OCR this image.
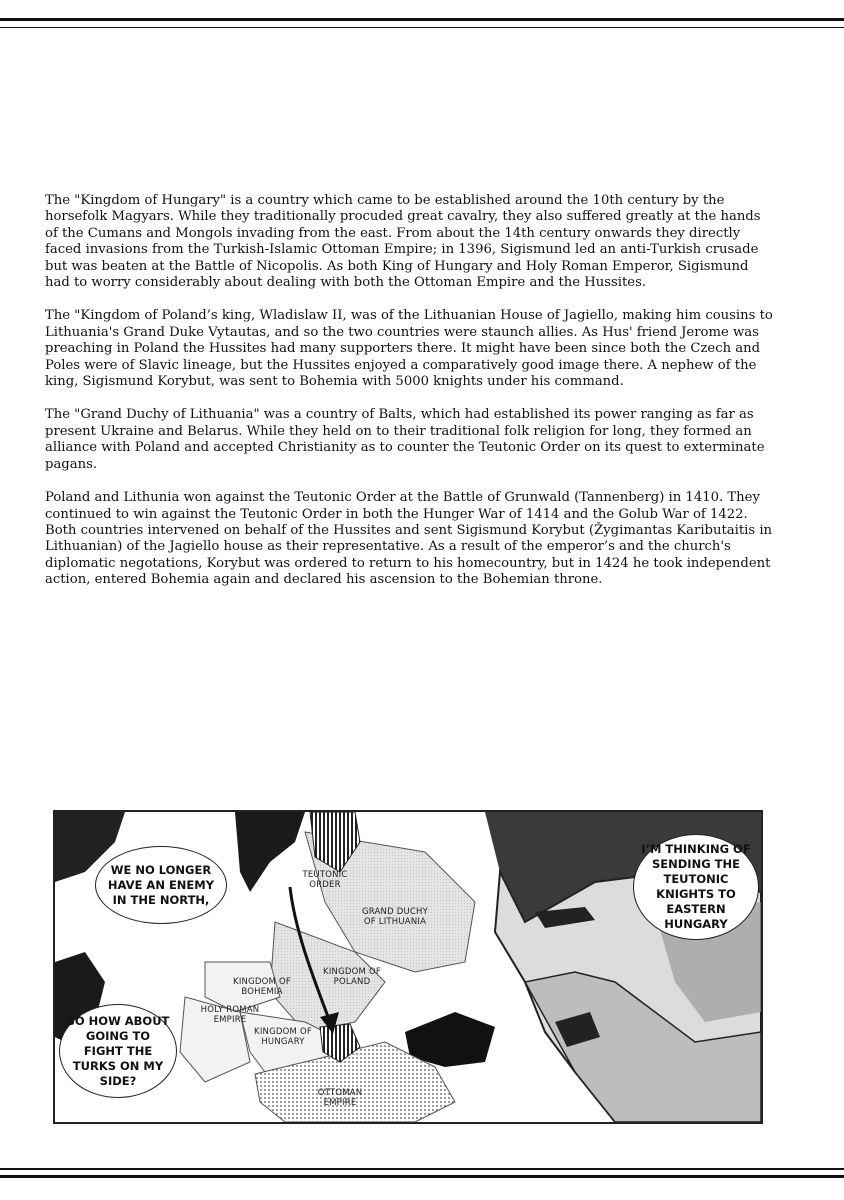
The "Kingdom of Hungary" is a country which came to be established around the 10th century by the horsefolk Magyars. While they traditionally procuded great cavalry, they also suffered greatly at the hands of the Cumans and Mongols invading from the east. From about the 14th century onwards they directly faced invasions from the Turkish-Islamic Ottoman Empire; in 1396, Sigismund led an anti-Turkish crusade but was beaten at the Battle of Nicopolis. As both King of Hungary and Holy Roman Emperor, Sigismund had to worry considerably about dealing with both the Ottoman Empire and the Hussites.

The "Kingdom of Poland’s king, Wladislaw II, was of the Lithuanian House of Jagiello, making him cousins to Lithuania's Grand Duke Vytautas, and so the two countries were staunch allies. As Hus' friend Jerome was preaching in Poland the Hussites had many supporters there. It might have been since both the Czech and Poles were of Slavic lineage, but the Hussites enjoyed a comparatively good image there. A nephew of the king, Sigismund Korybut, was sent to Bohemia with 5000 knights under his command.

The "Grand Duchy of Lithuania" was a country of Balts, which had established its power ranging as far as present Ukraine and Belarus. While they held on to their traditional folk religion for long, they formed an alliance with Poland and accepted Christianity as to counter the Teutonic Order on its quest to exterminate pagans.

Poland and Lithunia won against the Teutonic Order at the Battle of Grunwald (Tannenberg) in 1410. They continued to win against the Teutonic Order in both the Hunger War of 1414 and the Golub War of 1422. Both countries intervened on behalf of the Hussites and sent Sigismund Korybut (Žygimantas Kaributaitis in Lithuanian) of the Jagiello house as their representative. As a result of the emperor’s and the church's diplomatic negotations, Korybut was ordered to return to his homecountry, but in 1424 he took independent action, entered Bohemia again and declared his ascension to the Bohemian throne.

TEUTONIC ORDER
GRAND DUCHY OF LITHUANIA
KINGDOM OF POLAND
KINGDOM OF BOHEMIA
HOLY ROMAN EMPIRE
KINGDOM OF HUNGARY
OTTOMAN EMPIRE
WE NO LONGER HAVE AN ENEMY IN THE NORTH,
SO HOW ABOUT GOING TO FIGHT THE TURKS ON MY SIDE?
I’M THINKING OF SENDING THE TEUTONIC KNIGHTS TO EASTERN HUNGARY
